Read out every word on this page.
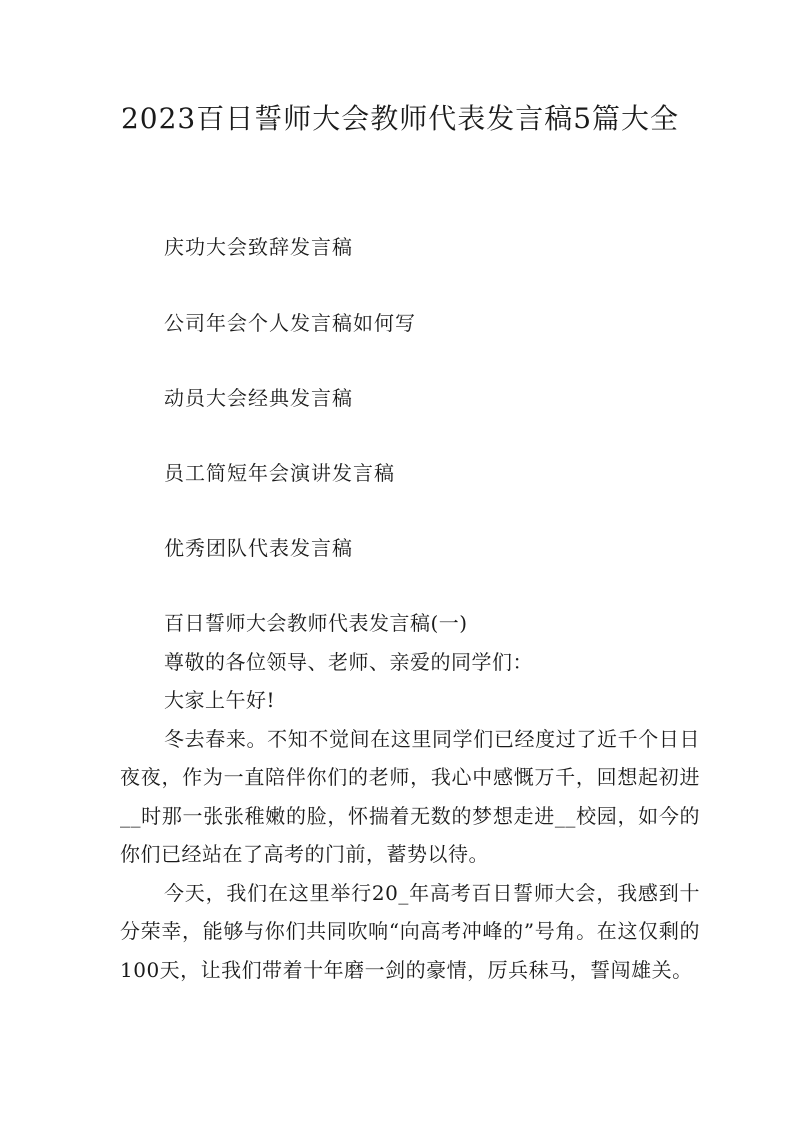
2023百日誓师大会教师代表发言稿5篇大全
庆功大会致辞发言稿
公司年会个人发言稿如何写
动员大会经典发言稿
员工简短年会演讲发言稿
优秀团队代表发言稿

百日誓师大会教师代表发言稿(一)

尊敬的各位领导、老师、亲爱的同学们：

大家上午好!

冬去春来。不知不觉间在这里同学们已经度过了近千个日日夜夜，作为一直陪伴你们的老师，我心中感慨万千，回想起初进__时那一张张稚嫩的脸，怀揣着无数的梦想走进__校园，如今的你们已经站在了高考的门前，蓄势以待。

今天，我们在这里举行20_年高考百日誓师大会，我感到十分荣幸，能够与你们共同吹响“向高考冲峰的”号角。在这仅剩的100天，让我们带着十年磨一剑的豪情，厉兵秣马，誓闯雄关。
